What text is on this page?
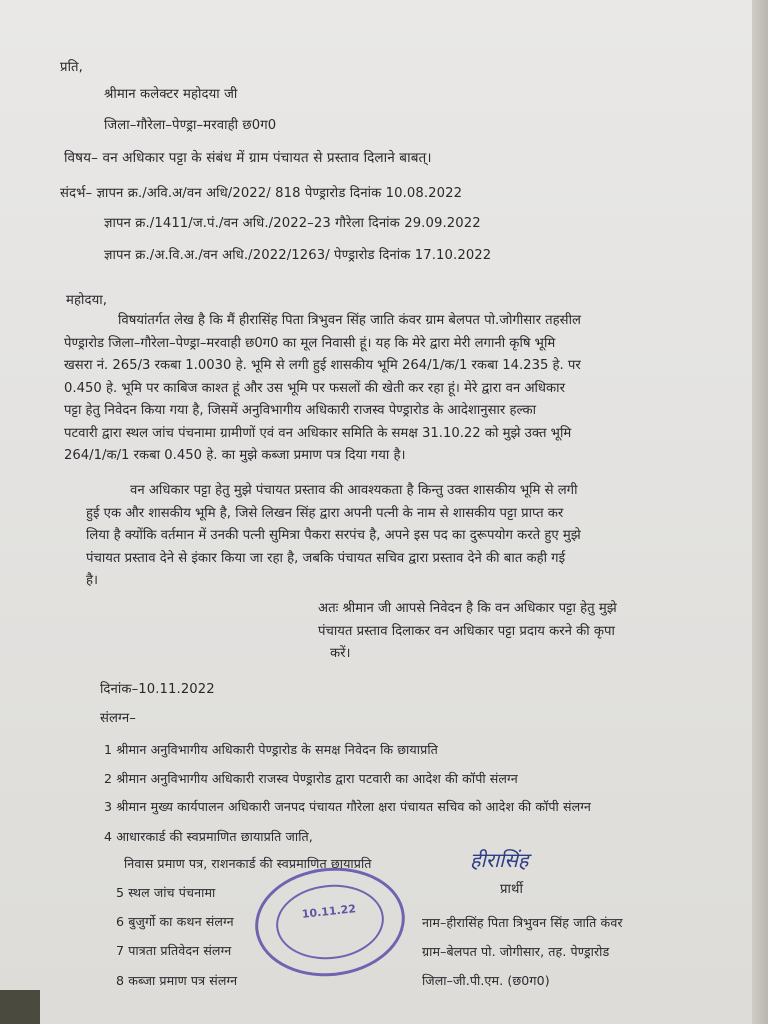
प्रति,
श्रीमान कलेक्टर महोदया जी
जिला–गौरेला–पेण्ड्रा–मरवाही छ0ग0
विषय– वन अधिकार पट्टा के संबंध में ग्राम पंचायत से प्रस्ताव दिलाने बाबत्।
संदर्भ– ज्ञापन क्र./अवि.अ/वन अधि/2022/ 818 पेण्ड्रारोड दिनांक 10.08.2022
ज्ञापन क्र./1411/ज.पं./वन अधि./2022–23 गौरेला दिनांक 29.09.2022
ज्ञापन क्र./अ.वि.अ./वन अधि./2022/1263/ पेण्ड्रारोड दिनांक 17.10.2022
महोदया,
विषयांतर्गत लेख है कि मैं हीरासिंह पिता त्रिभुवन सिंह जाति कंवर ग्राम बेलपत पो.जोगीसार तहसील
पेण्ड्रारोड जिला–गौरेला–पेण्ड्रा–मरवाही छ0ग0 का मूल निवासी हूं। यह कि मेरे द्वारा मेरी लगानी कृषि भूमि
खसरा नं. 265/3 रकबा 1.0030 हे. भूमि से लगी हुई शासकीय भूमि 264/1/क/1 रकबा 14.235 हे. पर
0.450 हे. भूमि पर काबिज काश्त हूं और उस भूमि पर फसलों की खेती कर रहा हूं। मेरे द्वारा वन अधिकार
पट्टा हेतु निवेदन किया गया है, जिसमें अनुविभागीय अधिकारी राजस्व पेण्ड्रारोड के आदेशानुसार हल्का
पटवारी द्वारा स्थल जांच पंचनामा ग्रामीणों एवं वन अधिकार समिति के समक्ष 31.10.22 को मुझे उक्त भूमि
264/1/क/1 रकबा 0.450 हे. का मुझे कब्जा प्रमाण पत्र दिया गया है।
वन अधिकार पट्टा हेतु मुझे पंचायत प्रस्ताव की आवश्यकता है किन्तु उक्त शासकीय भूमि से लगी
हुई एक और शासकीय भूमि है, जिसे लिखन सिंह द्वारा अपनी पत्नी के नाम से शासकीय पट्टा प्राप्त कर
लिया है क्योंकि वर्तमान में उनकी पत्नी सुमित्रा पैकरा सरपंच है, अपने इस पद का दुरूपयोग करते हुए मुझे
पंचायत प्रस्ताव देने से इंकार किया जा रहा है, जबकि पंचायत सचिव द्वारा प्रस्ताव देने की बात कही गई
है।
अतः श्रीमान जी आपसे निवेदन है कि वन अधिकार पट्टा हेतु मुझे
पंचायत प्रस्ताव दिलाकर वन अधिकार पट्टा प्रदाय करने की कृपा
करें।
दिनांक–10.11.2022
संलग्न–
1 श्रीमान अनुविभागीय अधिकारी पेण्ड्रारोड के समक्ष निवेदन कि छायाप्रति
2 श्रीमान अनुविभागीय अधिकारी राजस्व पेण्ड्रारोड द्वारा पटवारी का आदेश की कॉपी संलग्न
3 श्रीमान मुख्य कार्यपालन अधिकारी जनपद पंचायत गौरेला क्षरा पंचायत सचिव को आदेश की कॉपी संलग्न
4 आधारकार्ड की स्वप्रमाणित छायाप्रति जाति,
निवास प्रमाण पत्र, राशनकार्ड की स्वप्रमाणित छायाप्रति
5 स्थल जांच पंचनामा
6 बुजुर्गो का कथन संलग्न
7 पात्रता प्रतिवेदन संलग्न
8 कब्जा प्रमाण पत्र संलग्न
हीरासिंह
प्रार्थी
नाम–हीरासिंह पिता त्रिभुवन सिंह जाति कंवर
ग्राम–बेलपत पो. जोगीसार, तह. पेण्ड्रारोड
जिला–जी.पी.एम. (छ0ग0)
10.11.22
